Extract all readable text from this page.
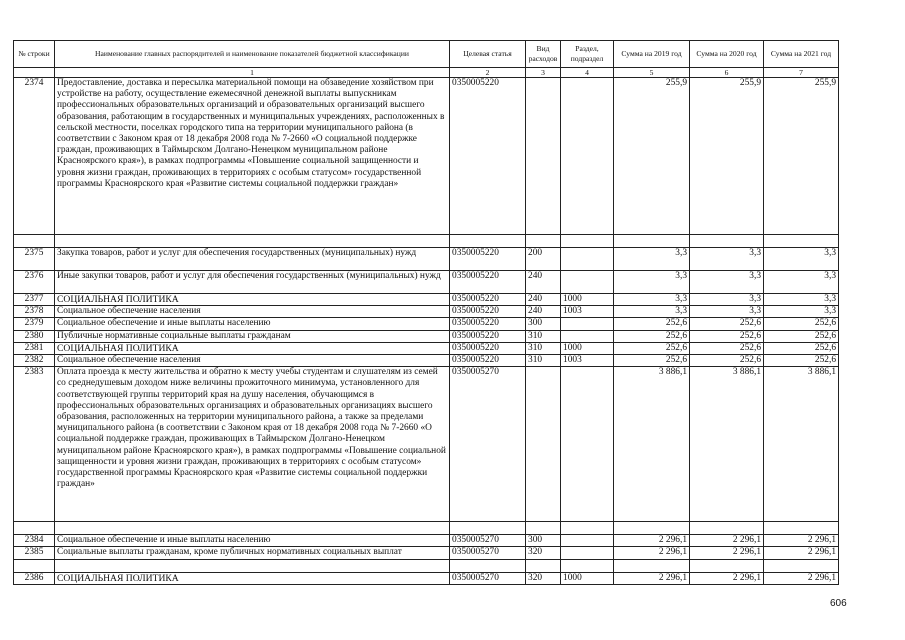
№ строки	Наименование главных распорядителей и наименование показателей бюджетной классификации	Целевая статья	Вид расходов	Раздел, подраздел	Сумма на 2019 год	Сумма на 2020 год	Сумма на 2021 год
	1	2	3	4	5	6	7
2374	Предоставление, доставка и пересылка материальной помощи на обзаведение хозяйством при устройстве на работу, осуществление ежемесячной денежной выплаты выпускникам профессиональных образовательных организаций и образовательных организаций высшего образования, работающим в государственных и муниципальных учреждениях, расположенных в сельской местности, поселках городского типа на территории муниципального района (в соответствии с Законом края от 18 декабря 2008 года № 7-2660 «О социальной поддержке граждан, проживающих в Таймырском Долгано-Ненецком муниципальном районе Красноярского края»), в рамках подпрограммы «Повышение социальной защищенности и уровня жизни граждан, проживающих в территориях с особым статусом» государственной программы Красноярского края «Развитие системы социальной поддержки граждан»	0350005220			255,9	255,9	255,9

2375	Закупка товаров, работ и услуг для обеспечения государственных (муниципальных) нужд	0350005220	200		3,3	3,3	3,3
2376	Иные закупки товаров, работ и услуг для обеспечения государственных (муниципальных) нужд	0350005220	240		3,3	3,3	3,3
2377	СОЦИАЛЬНАЯ ПОЛИТИКА	0350005220	240	1000	3,3	3,3	3,3
2378	Социальное обеспечение населения	0350005220	240	1003	3,3	3,3	3,3
2379	Социальное обеспечение и иные выплаты населению	0350005220	300		252,6	252,6	252,6
2380	Публичные нормативные социальные выплаты гражданам	0350005220	310		252,6	252,6	252,6
2381	СОЦИАЛЬНАЯ ПОЛИТИКА	0350005220	310	1000	252,6	252,6	252,6
2382	Социальное обеспечение населения	0350005220	310	1003	252,6	252,6	252,6
2383	Оплата проезда к месту жительства и обратно к месту учебы студентам и слушателям из семей со среднедушевым доходом ниже величины прожиточного минимума, установленного для соответствующей группы территорий края на душу населения, обучающимся в профессиональных образовательных организациях и образовательных организациях высшего образования, расположенных на территории муниципального района, а также за пределами муниципального района (в соответствии с Законом края от 18 декабря 2008 года № 7-2660 «О социальной поддержке граждан, проживающих в Таймырском Долгано-Ненецком муниципальном районе Красноярского края»), в рамках подпрограммы «Повышение социальной защищенности и уровня жизни граждан, проживающих в территориях с особым статусом» государственной программы Красноярского края «Развитие системы социальной поддержки граждан»	0350005270			3 886,1	3 886,1	3 886,1

2384	Социальное обеспечение и иные выплаты населению	0350005270	300		2 296,1	2 296,1	2 296,1
2385	Социальные выплаты гражданам, кроме публичных нормативных социальных выплат	0350005270	320		2 296,1	2 296,1	2 296,1

2386	СОЦИАЛЬНАЯ ПОЛИТИКА	0350005270	320	1000	2 296,1	2 296,1	2 296,1
606
